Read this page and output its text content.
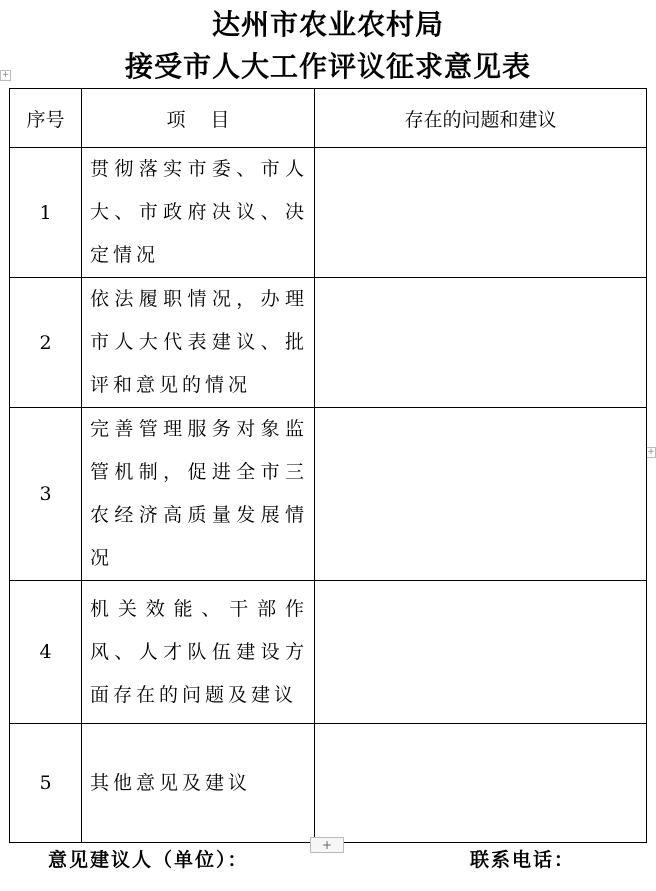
达州市农业农村局
接受市人大工作评议征求意见表
+
+
序号	项　 目	存在的问题和建议
1	贯彻落实市委、市人大、市政府决议、决定情况	
2	依法履职情况，办理市人大代表建议、批评和意见的情况	
3	完善管理服务对象监管机制，促进全市三农经济高质量发展情况	
4	机关效能、干部作风、人才队伍建设方面存在的问题及建议	
5	其他意见及建议	
+
意见建议人（单位）：	联系电话：
